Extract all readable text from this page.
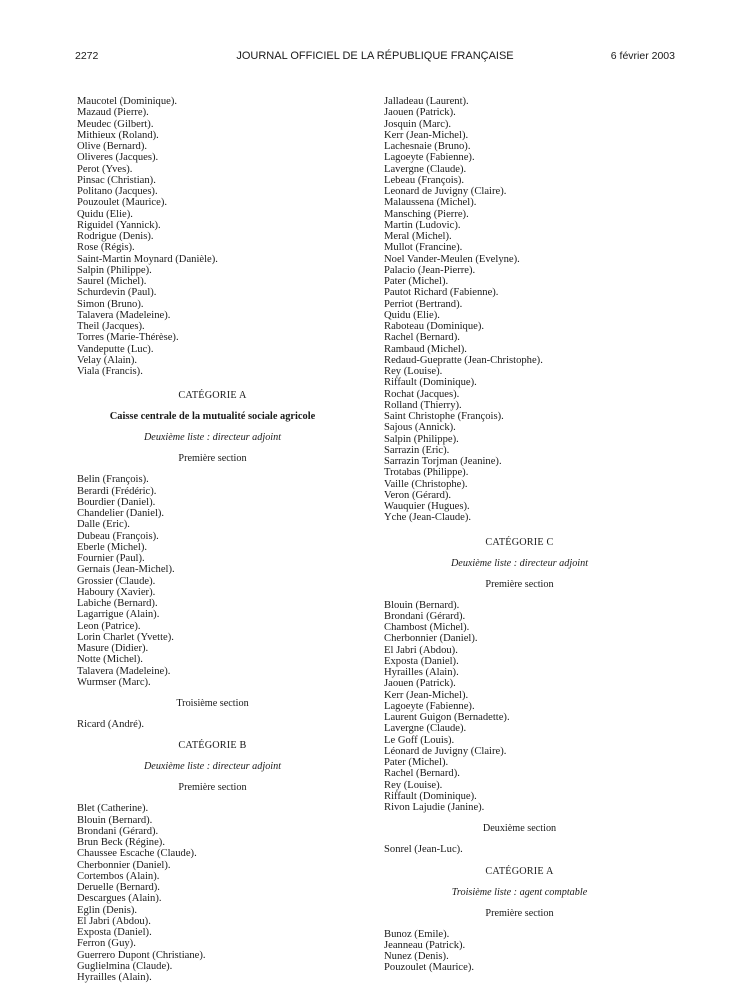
2272	JOURNAL OFFICIEL DE LA RÉPUBLIQUE FRANÇAISE	6 février 2003
Maucotel (Dominique).
Mazaud (Pierre).
Meudec (Gilbert).
Mithieux (Roland).
Olive (Bernard).
Oliveres (Jacques).
Perot (Yves).
Pinsac (Christian).
Politano (Jacques).
Pouzoulet (Maurice).
Quidu (Elie).
Riguidel (Yannick).
Rodrigue (Denis).
Rose (Régis).
Saint-Martin Moynard (Danièle).
Salpin (Philippe).
Saurel (Michel).
Schurdevin (Paul).
Simon (Bruno).
Talavera (Madeleine).
Theil (Jacques).
Torres (Marie-Thérèse).
Vandeputte (Luc).
Velay (Alain).
Viala (Francis).
CATÉGORIE A
Caisse centrale de la mutualité sociale agricole
Deuxième liste : directeur adjoint
Première section
Belin (François).
Berardi (Frédéric).
Bourdier (Daniel).
Chandelier (Daniel).
Dalle (Eric).
Dubeau (François).
Eberle (Michel).
Fournier (Paul).
Gernais (Jean-Michel).
Grossier (Claude).
Haboury (Xavier).
Labiche (Bernard).
Lagarrigue (Alain).
Leon (Patrice).
Lorin Charlet (Yvette).
Masure (Didier).
Notte (Michel).
Talavera (Madeleine).
Wurmser (Marc).
Troisième section
Ricard (André).
CATÉGORIE B
Deuxième liste : directeur adjoint
Première section
Blet (Catherine).
Blouin (Bernard).
Brondani (Gérard).
Brun Beck (Régine).
Chaussee Escache (Claude).
Cherbonnier (Daniel).
Cortembos (Alain).
Deruelle (Bernard).
Descargues (Alain).
Eglin (Denis).
El Jabri (Abdou).
Exposta (Daniel).
Ferron (Guy).
Guerrero Dupont (Christiane).
Guglielmina (Claude).
Hyrailles (Alain).
Jalladeau (Laurent).
Jaouen (Patrick).
Josquin (Marc).
Kerr (Jean-Michel).
Lachesnaie (Bruno).
Lagoeyte (Fabienne).
Lavergne (Claude).
Lebeau (François).
Leonard de Juvigny (Claire).
Malaussena (Michel).
Mansching (Pierre).
Martin (Ludovic).
Meral (Michel).
Mullot (Francine).
Noel Vander-Meulen (Evelyne).
Palacio (Jean-Pierre).
Pater (Michel).
Pautot Richard (Fabienne).
Perriot (Bertrand).
Quidu (Elie).
Raboteau (Dominique).
Rachel (Bernard).
Rambaud (Michel).
Redaud-Guepratte (Jean-Christophe).
Rey (Louise).
Riffault (Dominique).
Rochat (Jacques).
Rolland (Thierry).
Saint Christophe (François).
Sajous (Annick).
Salpin (Philippe).
Sarrazin (Eric).
Sarrazin Torjman (Jeanine).
Trotabas (Philippe).
Vaille (Christophe).
Veron (Gérard).
Wauquier (Hugues).
Yche (Jean-Claude).
CATÉGORIE C
Deuxième liste : directeur adjoint
Première section
Blouin (Bernard).
Brondani (Gérard).
Chambost (Michel).
Cherbonnier (Daniel).
El Jabri (Abdou).
Exposta (Daniel).
Hyrailles (Alain).
Jaouen (Patrick).
Kerr (Jean-Michel).
Lagoeyte (Fabienne).
Laurent Guigon (Bernadette).
Lavergne (Claude).
Le Goff (Louis).
Léonard de Juvigny (Claire).
Pater (Michel).
Rachel (Bernard).
Rey (Louise).
Riffault (Dominique).
Rivon Lajudie (Janine).
Deuxième section
Sonrel (Jean-Luc).
CATÉGORIE A
Troisième liste : agent comptable
Première section
Bunoz (Emile).
Jeanneau (Patrick).
Nunez (Denis).
Pouzoulet (Maurice).
